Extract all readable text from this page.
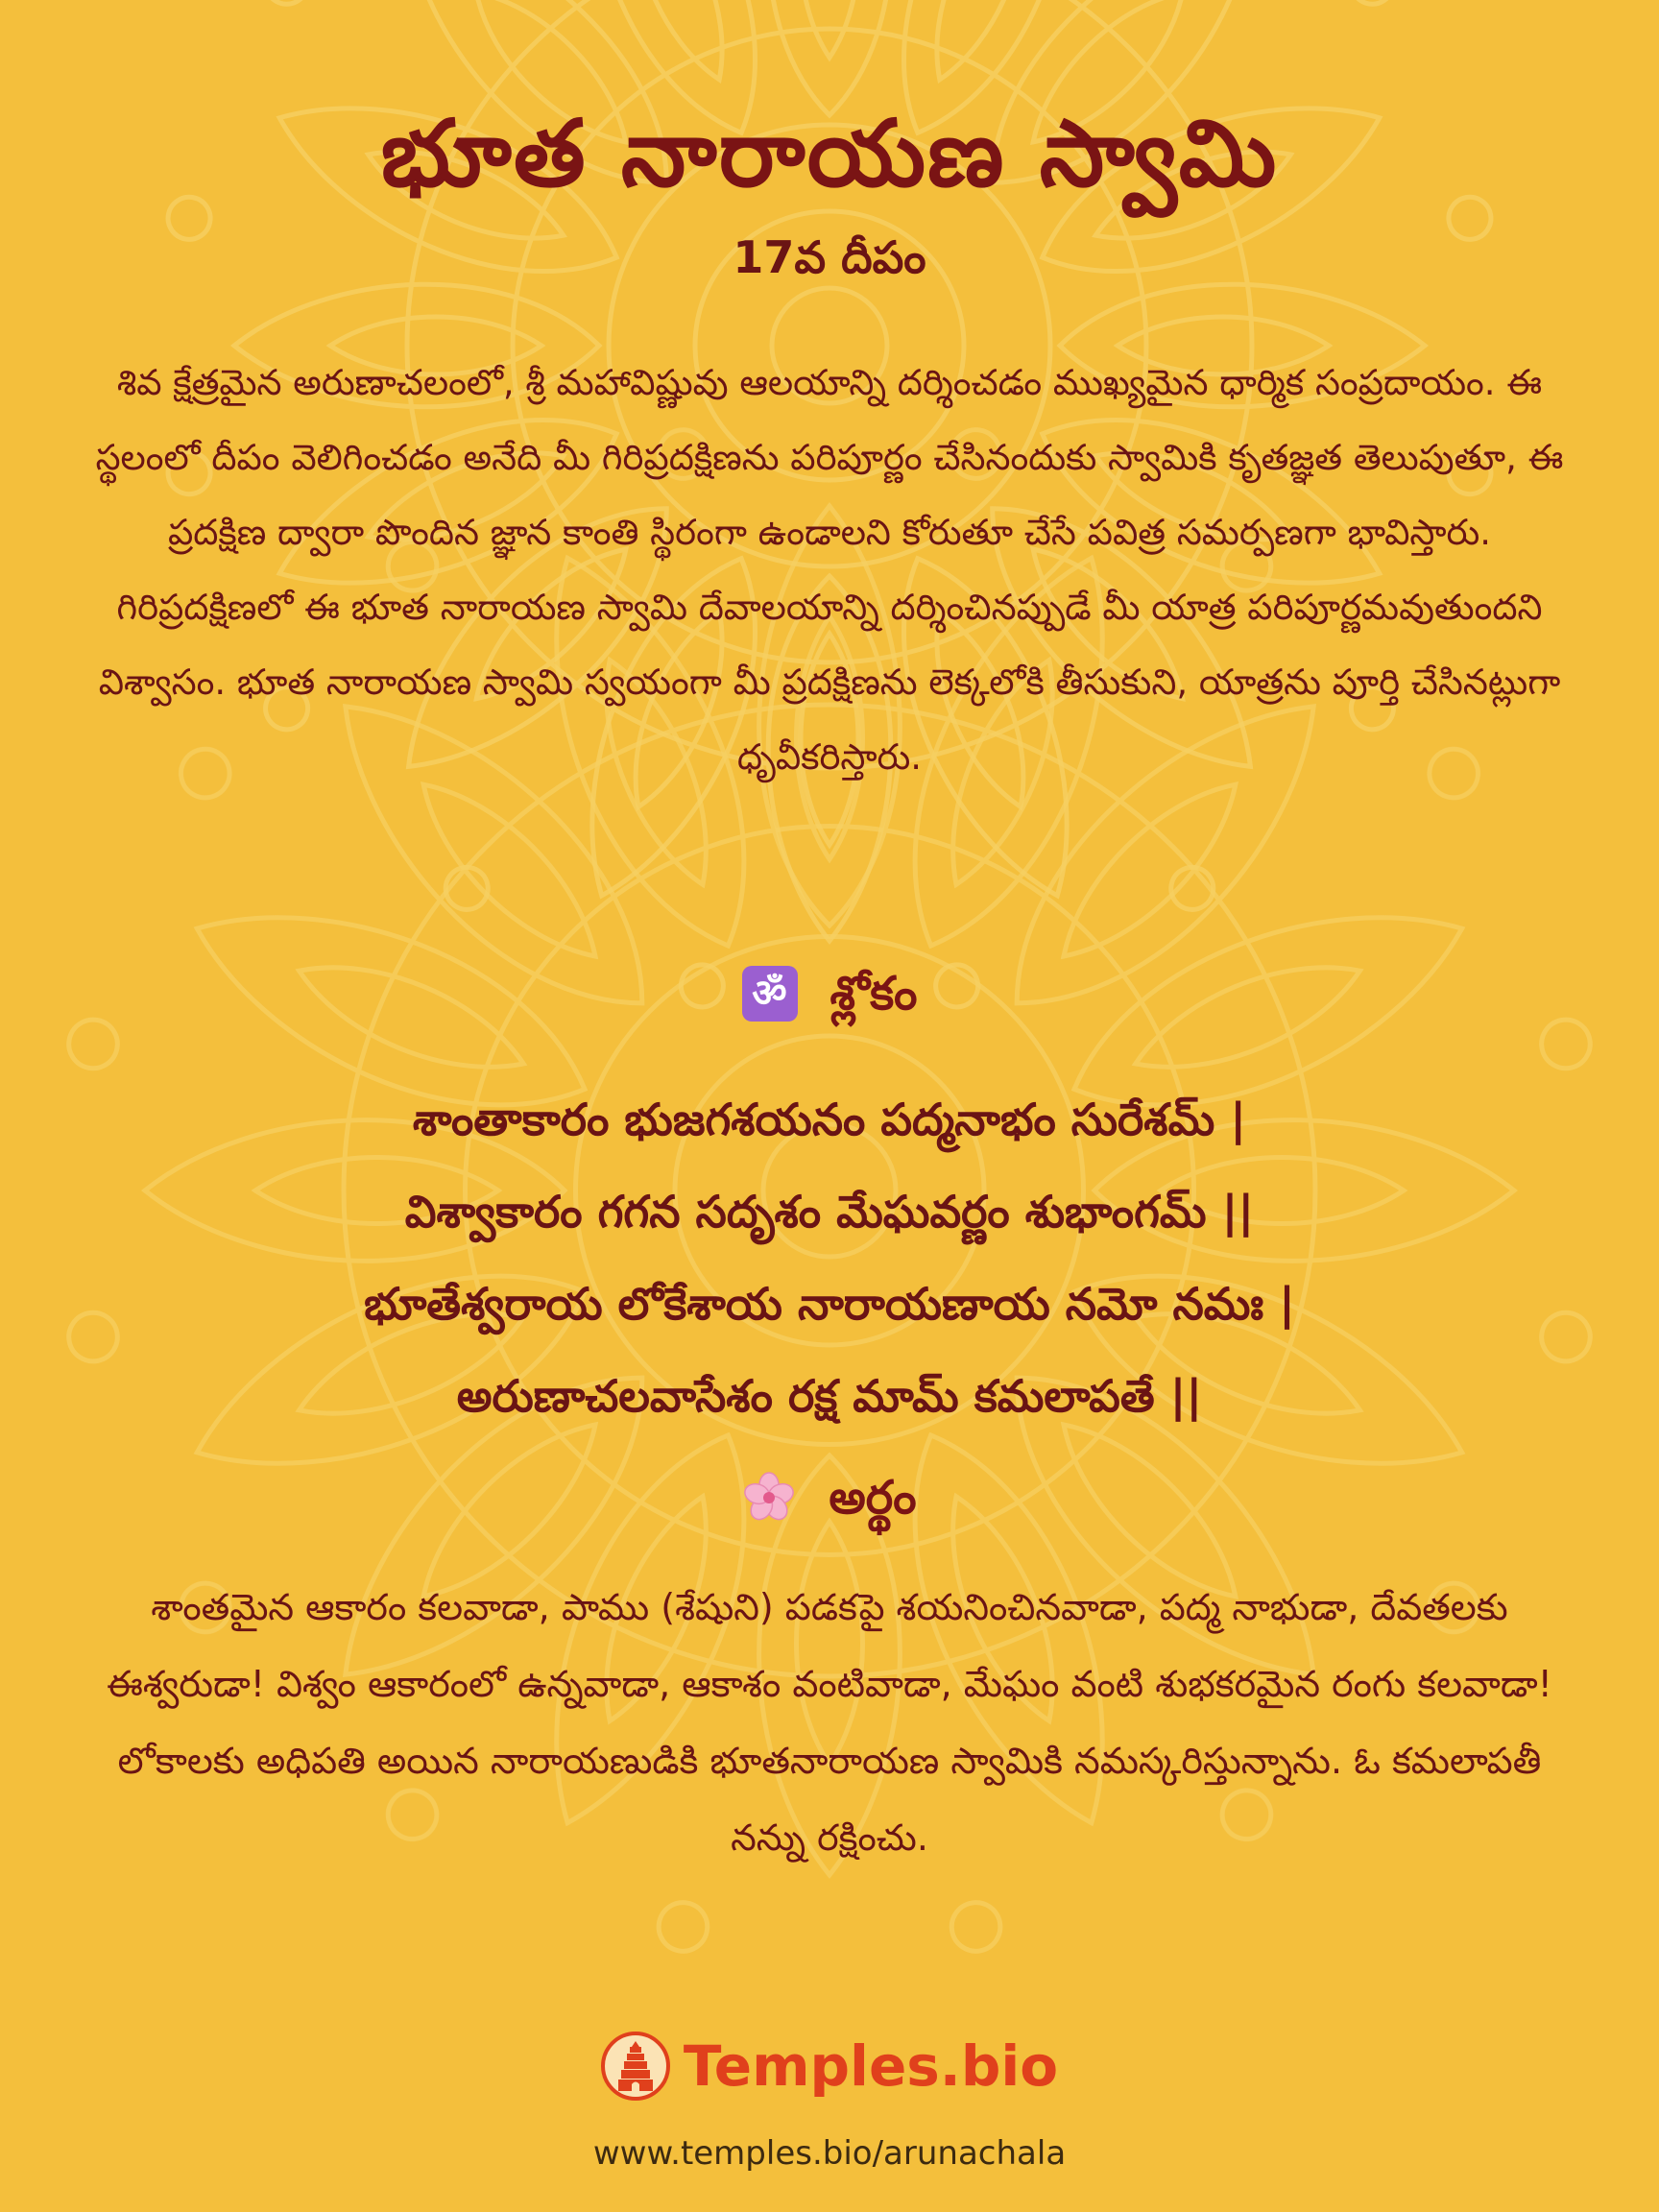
భూత నారాయణ స్వామి
17వ దీపం
శివ క్షేత్రమైన అరుణాచలంలో, శ్రీ మహావిష్ణువు ఆలయాన్ని దర్శించడం ముఖ్యమైన ధార్మిక సంప్రదాయం. ఈ స్థలంలో దీపం వెలిగించడం అనేది మీ గిరిప్రదక్షిణను పరిపూర్ణం చేసినందుకు స్వామికి కృతజ్ఞత తెలుపుతూ, ఈ ప్రదక్షిణ ద్వారా పొందిన జ్ఞాన కాంతి స్థిరంగా ఉండాలని కోరుతూ చేసే పవిత్ర సమర్పణగా భావిస్తారు. గిరిప్రదక్షిణలో ఈ భూత నారాయణ స్వామి దేవాలయాన్ని దర్శించినప్పుడే మీ యాత్ర పరిపూర్ణమవుతుందని విశ్వాసం. భూత నారాయణ స్వామి స్వయంగా మీ ప్రదక్షిణను లెక్కలోకి తీసుకుని, యాత్రను పూర్తి చేసినట్లుగా ధృవీకరిస్తారు.
ॐ శ్లోకం
శాంతాకారం భుజగశయనం పద్మనాభం సురేశమ్ |
విశ్వాకారం గగన సదృశం మేఘవర్ణం శుభాంగమ్ ||
భూతేశ్వరాయ లోకేశాయ నారాయణాయ నమో నమః |
అరుణాచలవాసేశం రక్ష మామ్ కమలాపతే ||
అర్థం
శాంతమైన ఆకారం కలవాడా, పాము (శేషుని) పడకపై శయనించినవాడా, పద్మ నాభుడా, దేవతలకు ఈశ్వరుడా! విశ్వం ఆకారంలో ఉన్నవాడా, ఆకాశం వంటివాడా, మేఘం వంటి శుభకరమైన రంగు కలవాడా! లోకాలకు అధిపతి అయిన నారాయణుడికి భూతనారాయణ స్వామికి నమస్కరిస్తున్నాను. ఓ కమలాపతీ నన్ను రక్షించు.
Temples.bio
www.temples.bio/arunachala
